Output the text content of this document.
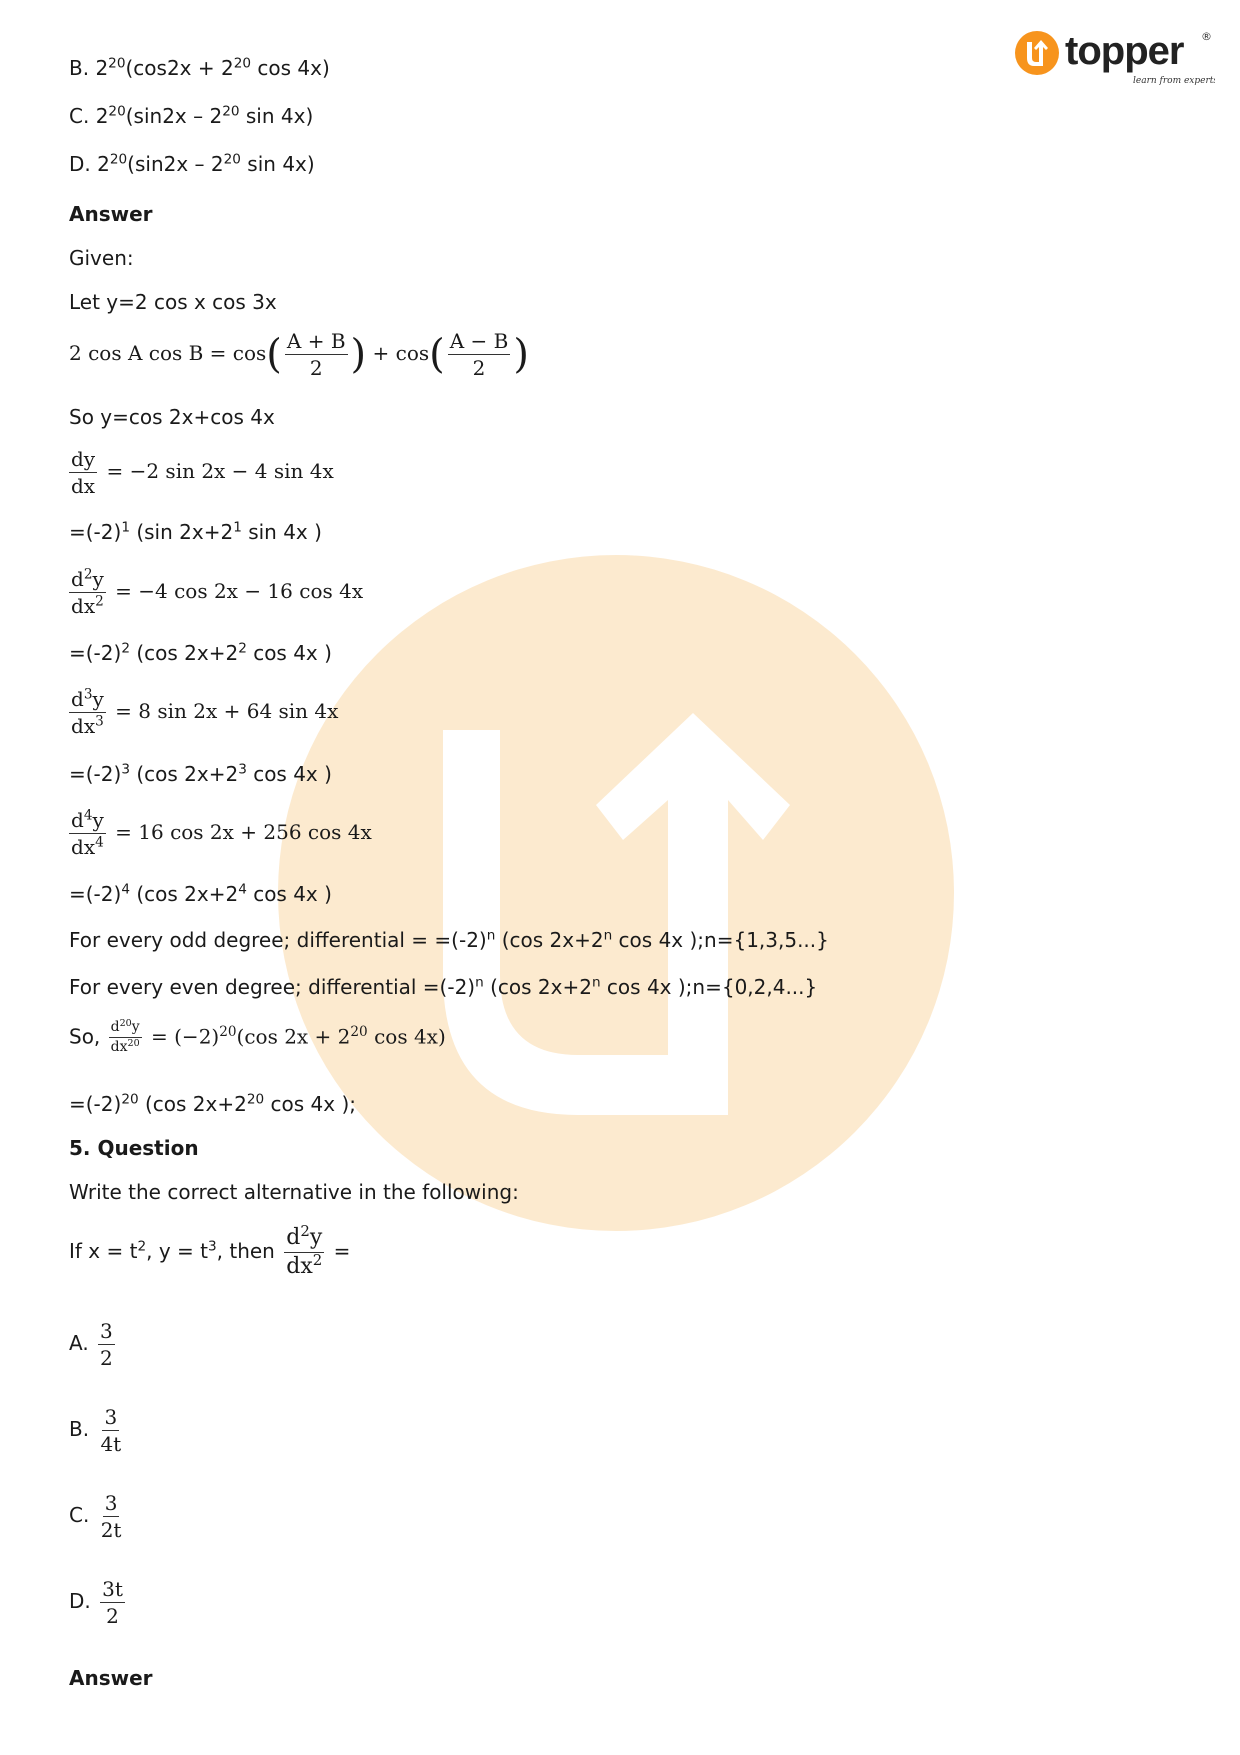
topper
learn from experts
®
B. $2^{20}(\cos 2x + 2^{20}$ cos 4x)
C. $2^{20}(\sin 2x - 2^{20}$ sin 4x)
D. $2^{20}(\sin 2x - 2^{20}$ sin 4x)
Answer
Given:
Let y=2 cos x cos 3x
2 cos A $\cos B = \cos( \frac{A + B}{2}$ ) + $\cos( \frac{A - B}{2}$ )
So y=cos 2x+cos 4x
$\frac{dy}{dx} = -2$ sin 2x − 4 sin 4x
$=(-2)^1$ (sin $2x+2^1$ sin 4x )
$\frac{d^2y}{dx^2} = -4$ cos 2x − 16 cos 4x
$=(-2)^2$ (cos $2x+2^2$ cos 4x )
$\frac{d^3y}{dx^3} = 8$ sin 2x + 64 sin 4x
$=(-2)^3$ (cos $2x+2^3$ cos 4x )
$\frac{d^4y}{dx^4} = 16$ cos 2x + 256 cos 4x
$=(-2)^4$ (cos $2x+2^4$ cos 4x )
For every odd degree; differential = $=(-2)^n$ (cos $2x+2^n$ cos 4x );n={1,3,5...}
For every even degree; differential $=(-2)^n$ (cos $2x+2^n$ cos 4x );n={0,2,4...}
So, $\frac{d^{20}y}{dx^{20}} = (-2)^{20}(\cos$ $2x + 2^{20}$ cos 4x)
$=(-2)^{20}$ (cos $2x+2^{20}$ cos 4x );
5. Question
Write the correct alternative in the following:
If $x = t^2$, $y = t^3$, then $\frac{d^2y}{dx^2}$ =
A. $\frac{3}{2}$
B. $\frac{3}{4t}$
C. $\frac{3}{2t}$
D. $\frac{3t}{2}$
Answer
